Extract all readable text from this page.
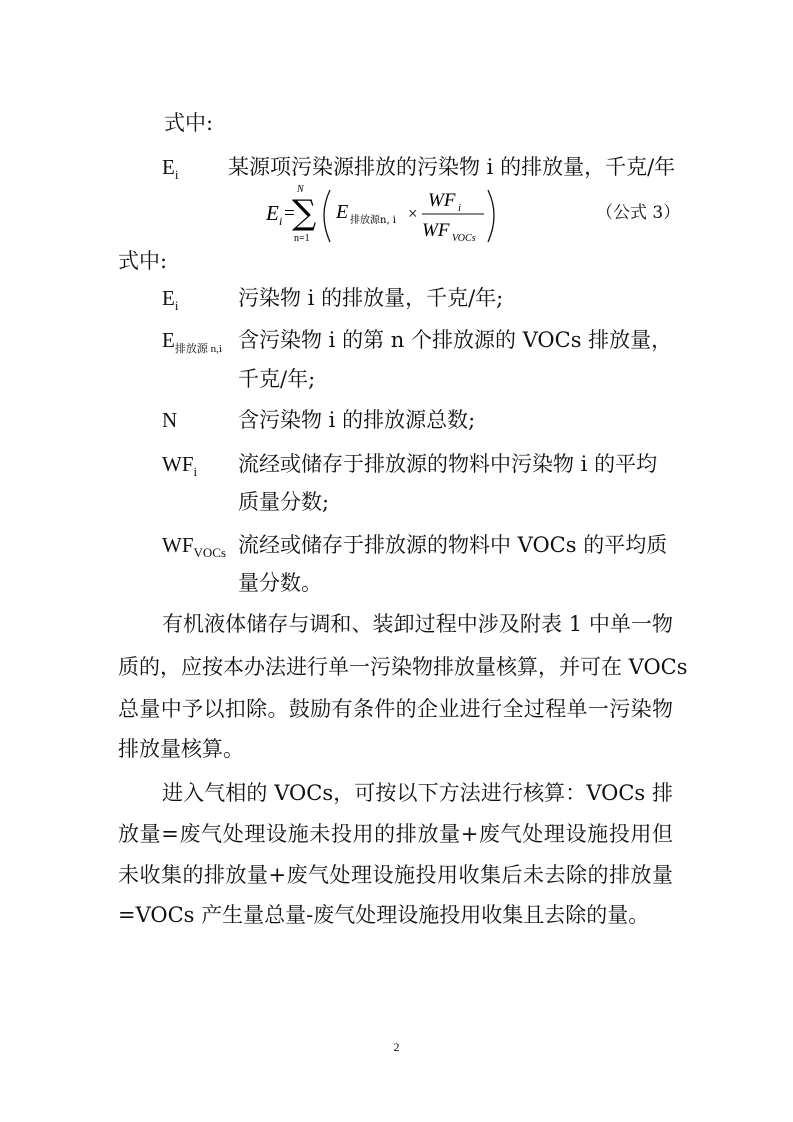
式中:
$E_i$ 某源项污染源排放的污染物 i 的排放量，千克/年
E i =
N
∑
n=1
E 排放源n, i ×
WF i
WF VOCs
（公式 3）
式中:
$E_i$	污染物 i 的排放量，千克/年;
$E_{排放源 n,i}$ 含污染物 i 的第 n 个排放源的 VOCs 排放量，
千克/年;
N	含污染物 i 的排放源总数;
$WF_i$ 流经或储存于排放源的物料中污染物 i 的平均
质量分数;
$WF_{VOCs}$ 流经或储存于排放源的物料中 VOCs 的平均质
量分数。
有机液体储存与调和、装卸过程中涉及附表 1 中单一物
质的，应按本办法进行单一污染物排放量核算，并可在 VOCs
总量中予以扣除。鼓励有条件的企业进行全过程单一污染物
排放量核算。
进入气相的 VOCs，可按以下方法进行核算：VOCs 排
放量=废气处理设施未投用的排放量+废气处理设施投用但
未收集的排放量+废气处理设施投用收集后未去除的排放量
=VOCs 产生量总量-废气处理设施投用收集且去除的量。
2
